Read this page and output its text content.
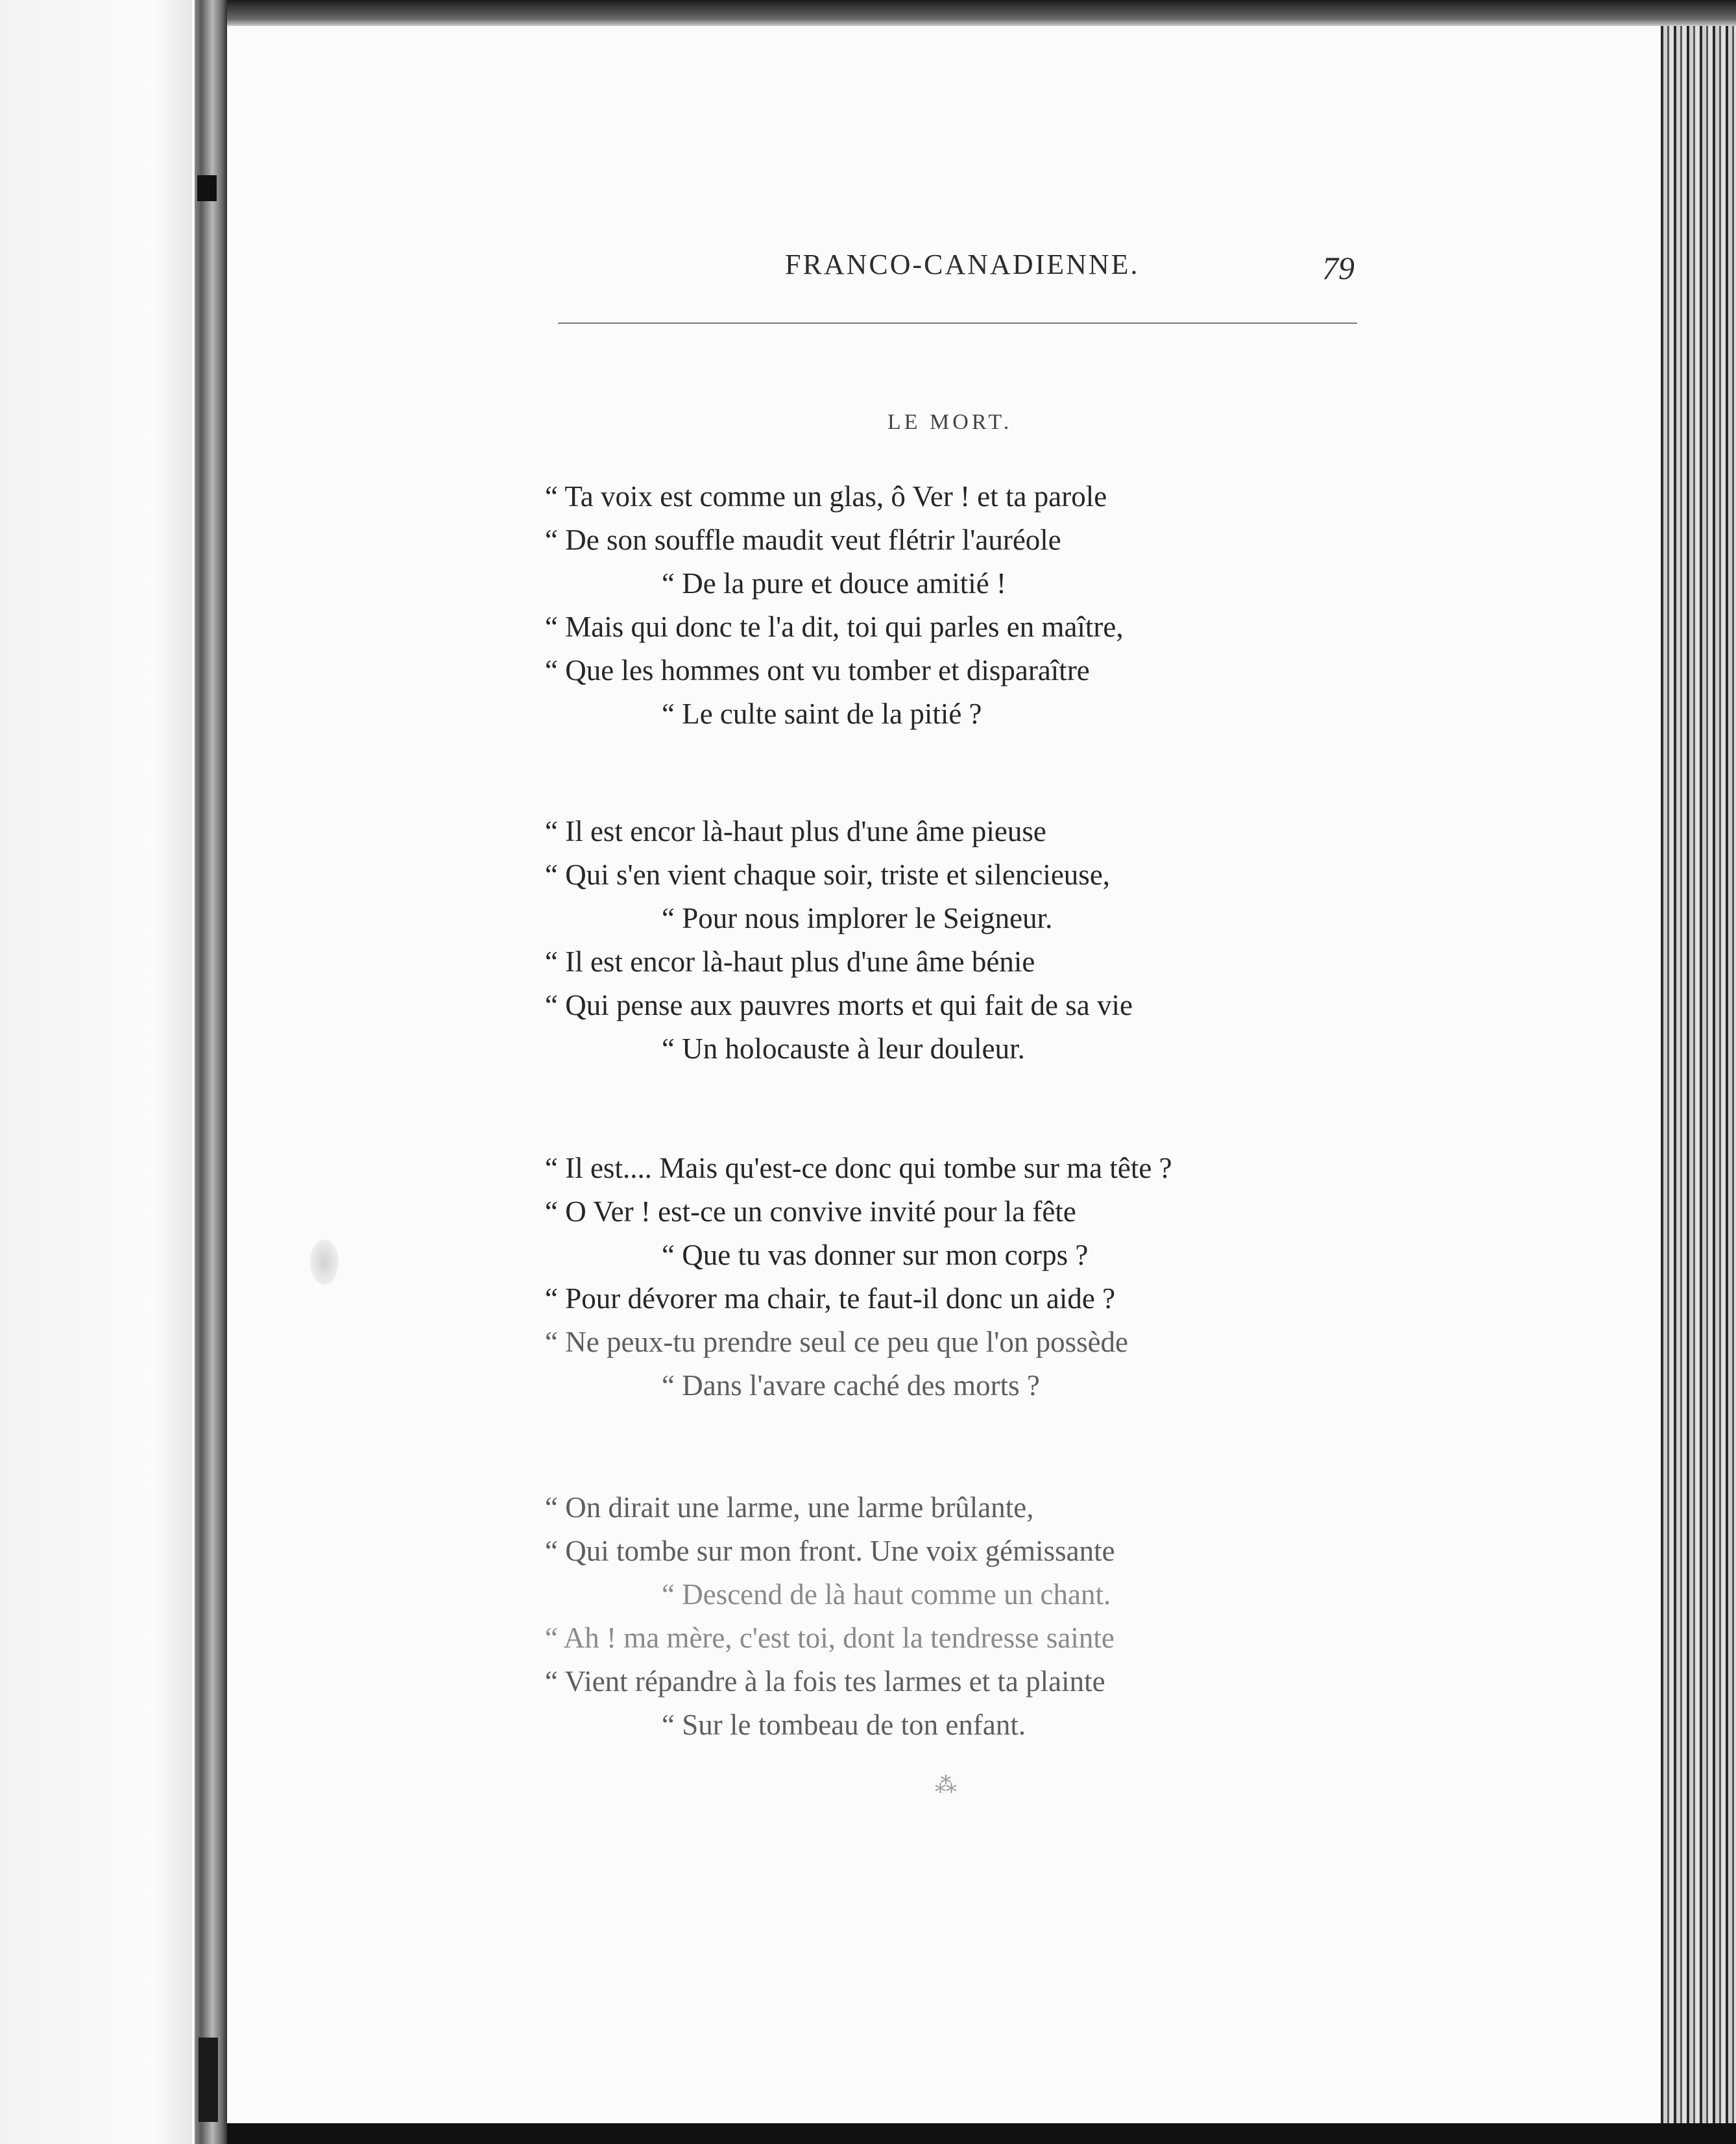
FRANCO-CANADIENNE.	79
LE MORT.
“ Ta voix est comme un glas, ô Ver ! et ta parole
“ De son souffle maudit veut flétrir l'auréole
“ De la pure et douce amitié !
“ Mais qui donc te l'a dit, toi qui parles en maître,
“ Que les hommes ont vu tomber et disparaître
“ Le culte saint de la pitié ?
“ Il est encor là-haut plus d'une âme pieuse
“ Qui s'en vient chaque soir, triste et silencieuse,
“ Pour nous implorer le Seigneur.
“ Il est encor là-haut plus d'une âme bénie
“ Qui pense aux pauvres morts et qui fait de sa vie
“ Un holocauste à leur douleur.
“ Il est.... Mais qu'est-ce donc qui tombe sur ma tête ?
“ O Ver ! est-ce un convive invité pour la fête
“ Que tu vas donner sur mon corps ?
“ Pour dévorer ma chair, te faut-il donc un aide ?
“ Ne peux-tu prendre seul ce peu que l'on possède
“ Dans l'avare caché des morts ?
“ On dirait une larme, une larme brûlante,
“ Qui tombe sur mon front. Une voix gémissante
“ Descend de là haut comme un chant.
“ Ah ! ma mère, c'est toi, dont la tendresse sainte
“ Vient répandre à la fois tes larmes et ta plainte
“ Sur le tombeau de ton enfant.
⁂
